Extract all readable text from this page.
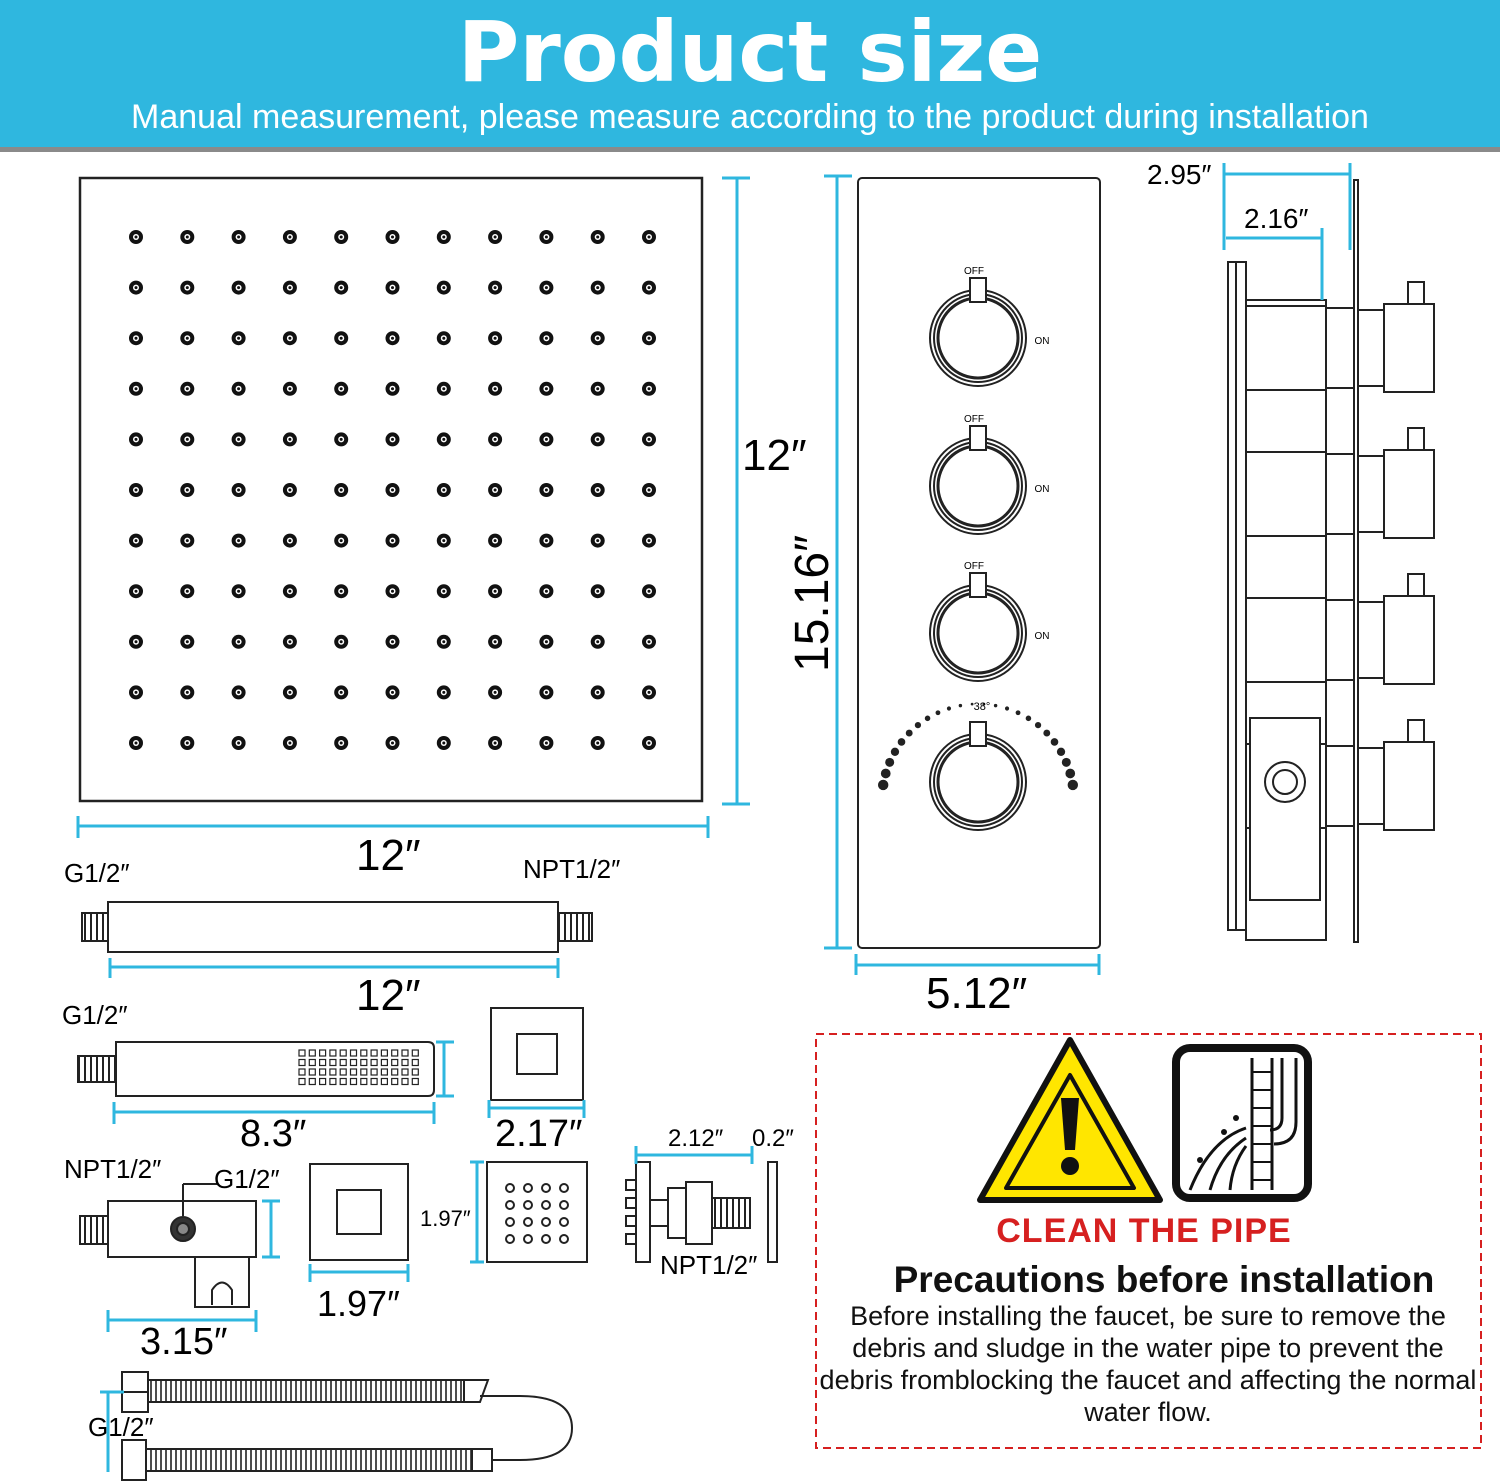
Product size
Manual measurement, please measure according to the product during installation
12″
12″
OFF
ON
OFF
ON
OFF
ON
38°
15.16″
5.12″
2.95″
2.16″
G1/2″	NPT1/2″
12″
G1/2″
8.3″	2.17″
NPT1/2″ G1/2″
3.15″
1.97″
1.97″
2.12″ 0.2″
NPT1/2″
G1/2″
CLEAN THE PIPE
Precautions before installation
Before installing the faucet, be sure to remove the debris and sludge in the water pipe to prevent the debris fromblocking the faucet and affecting the normal water flow.
